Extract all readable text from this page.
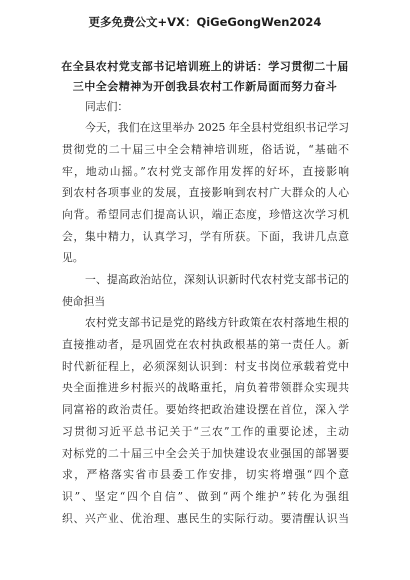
更多免费公文+VX：QiGeGongWen2024
在全县农村党支部书记培训班上的讲话：学习贯彻二十届
三中全会精神为开创我县农村工作新局面而努力奋斗
同志们：
今天，我们在这里举办 2025 年全县村党组织书记学习
贯彻党的二十届三中全会精神培训班，俗话说，“基础不
牢，地动山摇。”农村党支部作用发挥的好坏，直接影响
到农村各项事业的发展，直接影响到农村广大群众的人心
向背。希望同志们提高认识，端正态度，珍惜这次学习机
会，集中精力，认真学习，学有所获。下面，我讲几点意
见。
一、提高政治站位，深刻认识新时代农村党支部书记的
使命担当
农村党支部书记是党的路线方针政策在农村落地生根的
直接推动者，是巩固党在农村执政根基的第一责任人。新
时代新征程上，必须深刻认识到：村支书岗位承载着党中
央全面推进乡村振兴的战略重托，肩负着带领群众实现共
同富裕的政治责任。要始终把政治建设摆在首位，深入学
习贯彻习近平总书记关于“三农”工作的重要论述，主动
对标党的二十届三中全会关于加快建设农业强国的部署要
求，严格落实省市县委工作安排，切实将增强“四个意
识”、坚定“四个自信”、做到“两个维护”转化为强组
织、兴产业、优治理、惠民生的实际行动。要清醒认识当
